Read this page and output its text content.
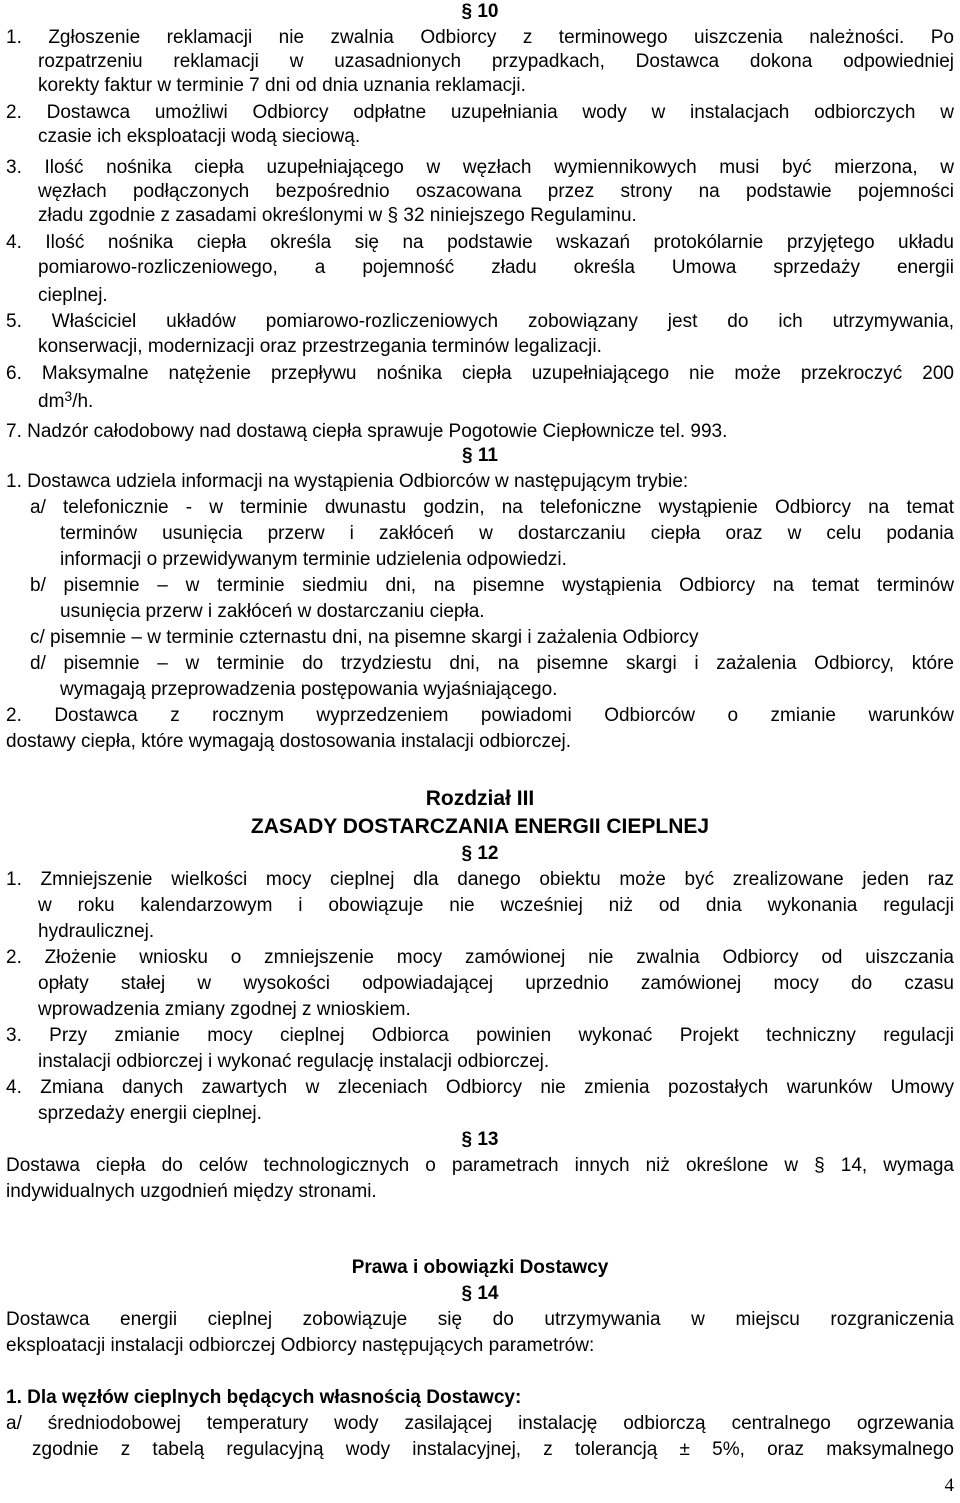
§ 10
1. Zgłoszenie reklamacji nie zwalnia Odbiorcy z terminowego uiszczenia należności. Po
rozpatrzeniu reklamacji w uzasadnionych przypadkach, Dostawca dokona odpowiedniej
korekty faktur w terminie 7 dni od dnia uznania reklamacji.
2. Dostawca umożliwi Odbiorcy odpłatne uzupełniania wody w instalacjach odbiorczych w
czasie ich eksploatacji wodą sieciową.
3. Ilość nośnika ciepła uzupełniającego w węzłach wymiennikowych musi być mierzona, w
węzłach podłączonych bezpośrednio oszacowana przez strony na podstawie pojemności
zładu zgodnie z zasadami określonymi w § 32 niniejszego Regulaminu.
4. Ilość nośnika ciepła określa się na podstawie wskazań protokólarnie przyjętego układu
pomiarowo-rozliczeniowego, a pojemność zładu określa Umowa sprzedaży energii
cieplnej.
5. Właściciel układów pomiarowo-rozliczeniowych zobowiązany jest do ich utrzymywania,
konserwacji, modernizacji oraz przestrzegania terminów legalizacji.
6. Maksymalne natężenie przepływu nośnika ciepła uzupełniającego nie może przekroczyć 200
$dm^3/h$.
7. Nadzór całodobowy nad dostawą ciepła sprawuje Pogotowie Ciepłownicze tel. 993.
§ 11
1. Dostawca udziela informacji na wystąpienia Odbiorców w następującym trybie:
a/ telefonicznie - w terminie dwunastu godzin, na telefoniczne wystąpienie Odbiorcy na temat
terminów usunięcia przerw i zakłóceń w dostarczaniu ciepła oraz w celu podania
informacji o przewidywanym terminie udzielenia odpowiedzi.
b/ pisemnie – w terminie siedmiu dni, na pisemne wystąpienia Odbiorcy na temat terminów
usunięcia przerw i zakłóceń w dostarczaniu ciepła.
c/ pisemnie – w terminie czternastu dni, na pisemne skargi i zażalenia Odbiorcy
d/ pisemnie – w terminie do trzydziestu dni, na pisemne skargi i zażalenia Odbiorcy, które
wymagają przeprowadzenia postępowania wyjaśniającego.
2. Dostawca z rocznym wyprzedzeniem powiadomi Odbiorców o zmianie warunków
dostawy ciepła, które wymagają dostosowania instalacji odbiorczej.
Rozdział III
ZASADY DOSTARCZANIA ENERGII CIEPLNEJ
§ 12
1. Zmniejszenie wielkości mocy cieplnej dla danego obiektu może być zrealizowane jeden raz
w roku kalendarzowym i obowiązuje nie wcześniej niż od dnia wykonania regulacji
hydraulicznej.
2. Złożenie wniosku o zmniejszenie mocy zamówionej nie zwalnia Odbiorcy od uiszczania
opłaty stałej w wysokości odpowiadającej uprzednio zamówionej mocy do czasu
wprowadzenia zmiany zgodnej z wnioskiem.
3. Przy zmianie mocy cieplnej Odbiorca powinien wykonać Projekt techniczny regulacji
instalacji odbiorczej i wykonać regulację instalacji odbiorczej.
4. Zmiana danych zawartych w zleceniach Odbiorcy nie zmienia pozostałych warunków Umowy
sprzedaży energii cieplnej.
§ 13
Dostawa ciepła do celów technologicznych o parametrach innych niż określone w § 14, wymaga
indywidualnych uzgodnień między stronami.
Prawa i obowiązki Dostawcy
§ 14
Dostawca energii cieplnej zobowiązuje się do utrzymywania w miejscu rozgraniczenia
eksploatacji instalacji odbiorczej Odbiorcy następujących parametrów:
1. Dla węzłów cieplnych będących własnością Dostawcy:
a/ średniodobowej temperatury wody zasilającej instalację odbiorczą centralnego ogrzewania
zgodnie z tabelą regulacyjną wody instalacyjnej, z tolerancją ± 5%, oraz maksymalnego
4
